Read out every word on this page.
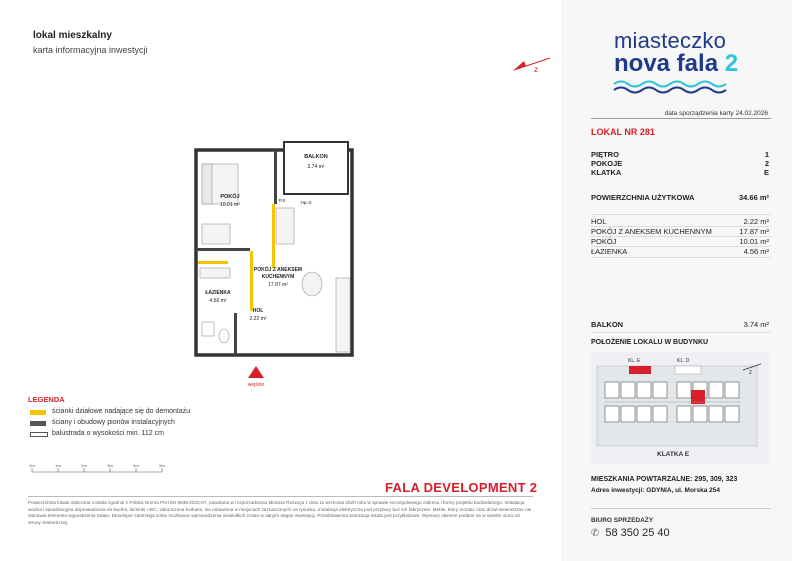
lokal mieszkalny
karta informacyjna inwestycji
z
miasteczko
nova fala 2
data sporządzenia karty 24.02.2026
LOKAL NR 281
PIĘTRO	1
POKOJE	2
KLATKA	E
POWIERZCHNIA UŻYTKOWA	34.66 m²
HOL	2.22 m²
POKÓJ Z ANEKSEM KUCHENNYM	17.87 m²
POKÓJ	10.01 m²
ŁAZIENKA	4.56 m²
BALKON	3.74 m²
POŁOŻENIE LOKALU W BUDYNKU
KL. E	KL. D
KLATKA E
z
MIESZKANIA POWTARZALNE: 295, 309, 323
Adres inwestycji: GDYNIA, ul. Morska 254
BIURO SPRZEDAŻY
✆ 58 350 25 40
BALKON
3.74 m²
POKÓJ
10.01 m²
POKÓJ Z ANEKSEM
KUCHENNYM
17.87 m²
ŁAZIENKA
4.56 m²
HOL
2.22 m²
wejście
Hp=0
FIX
LEGENDA
ścianki działowe nadające się do demontażu
ściany i obudowy pionów instalacyjnych
balustrada o wysokości min. 112 cm
0m	1m	2m	3m	4m	5m
FALA DEVELOPMENT 2
Powierzchnia lokalu obliczona zostala zgodnie z Polska Norma PN-ISO 9836:2022-07, powolana w rozporzadzeniu Ministra Rozwoju z dnia 11 wrzesnia 2020 roku w sprawie szczegolowego zakresu i formy projektu budowlanego. Instalacja wodna i kanalizacyjna doprowadzona do kuchni, lazienki i WC, zakonczona korkami, nie ustawiona w miejscach zaznaczonych na rysunku. Instalacja elektryczna pod przybory bez ich fabrycznie. Meble, ktory montaz oraz drzwi wewnetrzne nie stanowia elementu wyposazenia lokalu. Developer zastrzega sobie mozliwosc wprowadzenia niewielkich zmian w danym etapie inwestycji. Przedstawiona aranzacja lokalu jest przykladowa. Wymiary okienne podane sa w swietle muru od strony zewnetrznej.
